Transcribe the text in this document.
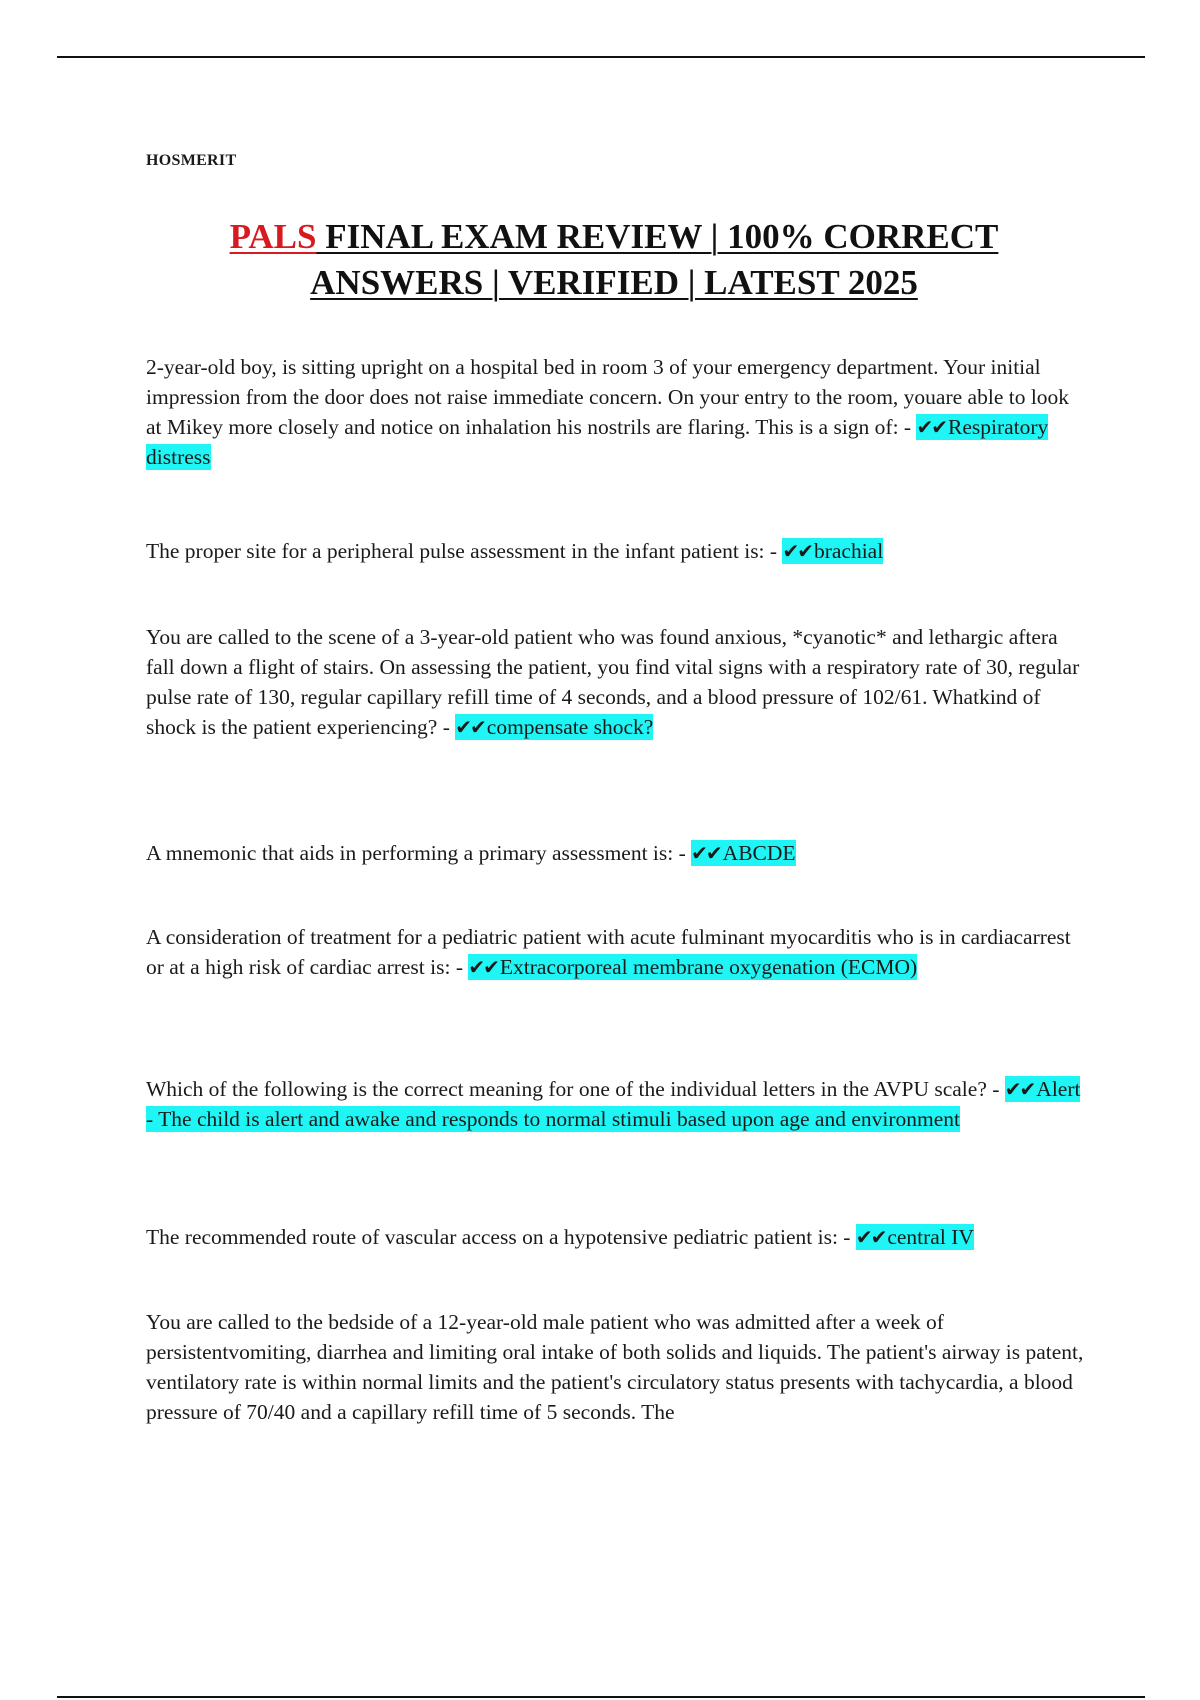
HOSMERIT
PALS FINAL EXAM REVIEW | 100% CORRECT ANSWERS | VERIFIED | LATEST 2025
2-year-old boy, is sitting upright on a hospital bed in room 3 of your emergency department. Your initial impression from the door does not raise immediate concern. On your entry to the room, youare able to look at Mikey more closely and notice on inhalation his nostrils are flaring. This is a sign of: - ✔✔Respiratory distress
The proper site for a peripheral pulse assessment in the infant patient is: - ✔✔brachial
You are called to the scene of a 3-year-old patient who was found anxious, *cyanotic* and lethargic aftera fall down a flight of stairs. On assessing the patient, you find vital signs with a respiratory rate of 30, regular pulse rate of 130, regular capillary refill time of 4 seconds, and a blood pressure of 102/61. Whatkind of shock is the patient experiencing? - ✔✔compensate shock?
A mnemonic that aids in performing a primary assessment is: - ✔✔ABCDE
A consideration of treatment for a pediatric patient with acute fulminant myocarditis who is in cardiacarrest or at a high risk of cardiac arrest is: - ✔✔Extracorporeal membrane oxygenation (ECMO)
Which of the following is the correct meaning for one of the individual letters in the AVPU scale? - ✔✔Alert - The child is alert and awake and responds to normal stimuli based upon age and environment
The recommended route of vascular access on a hypotensive pediatric patient is: - ✔✔central IV
You are called to the bedside of a 12-year-old male patient who was admitted after a week of persistentvomiting, diarrhea and limiting oral intake of both solids and liquids. The patient's airway is patent, ventilatory rate is within normal limits and the patient's circulatory status presents with tachycardia, a blood pressure of 70/40 and a capillary refill time of 5 seconds. The
